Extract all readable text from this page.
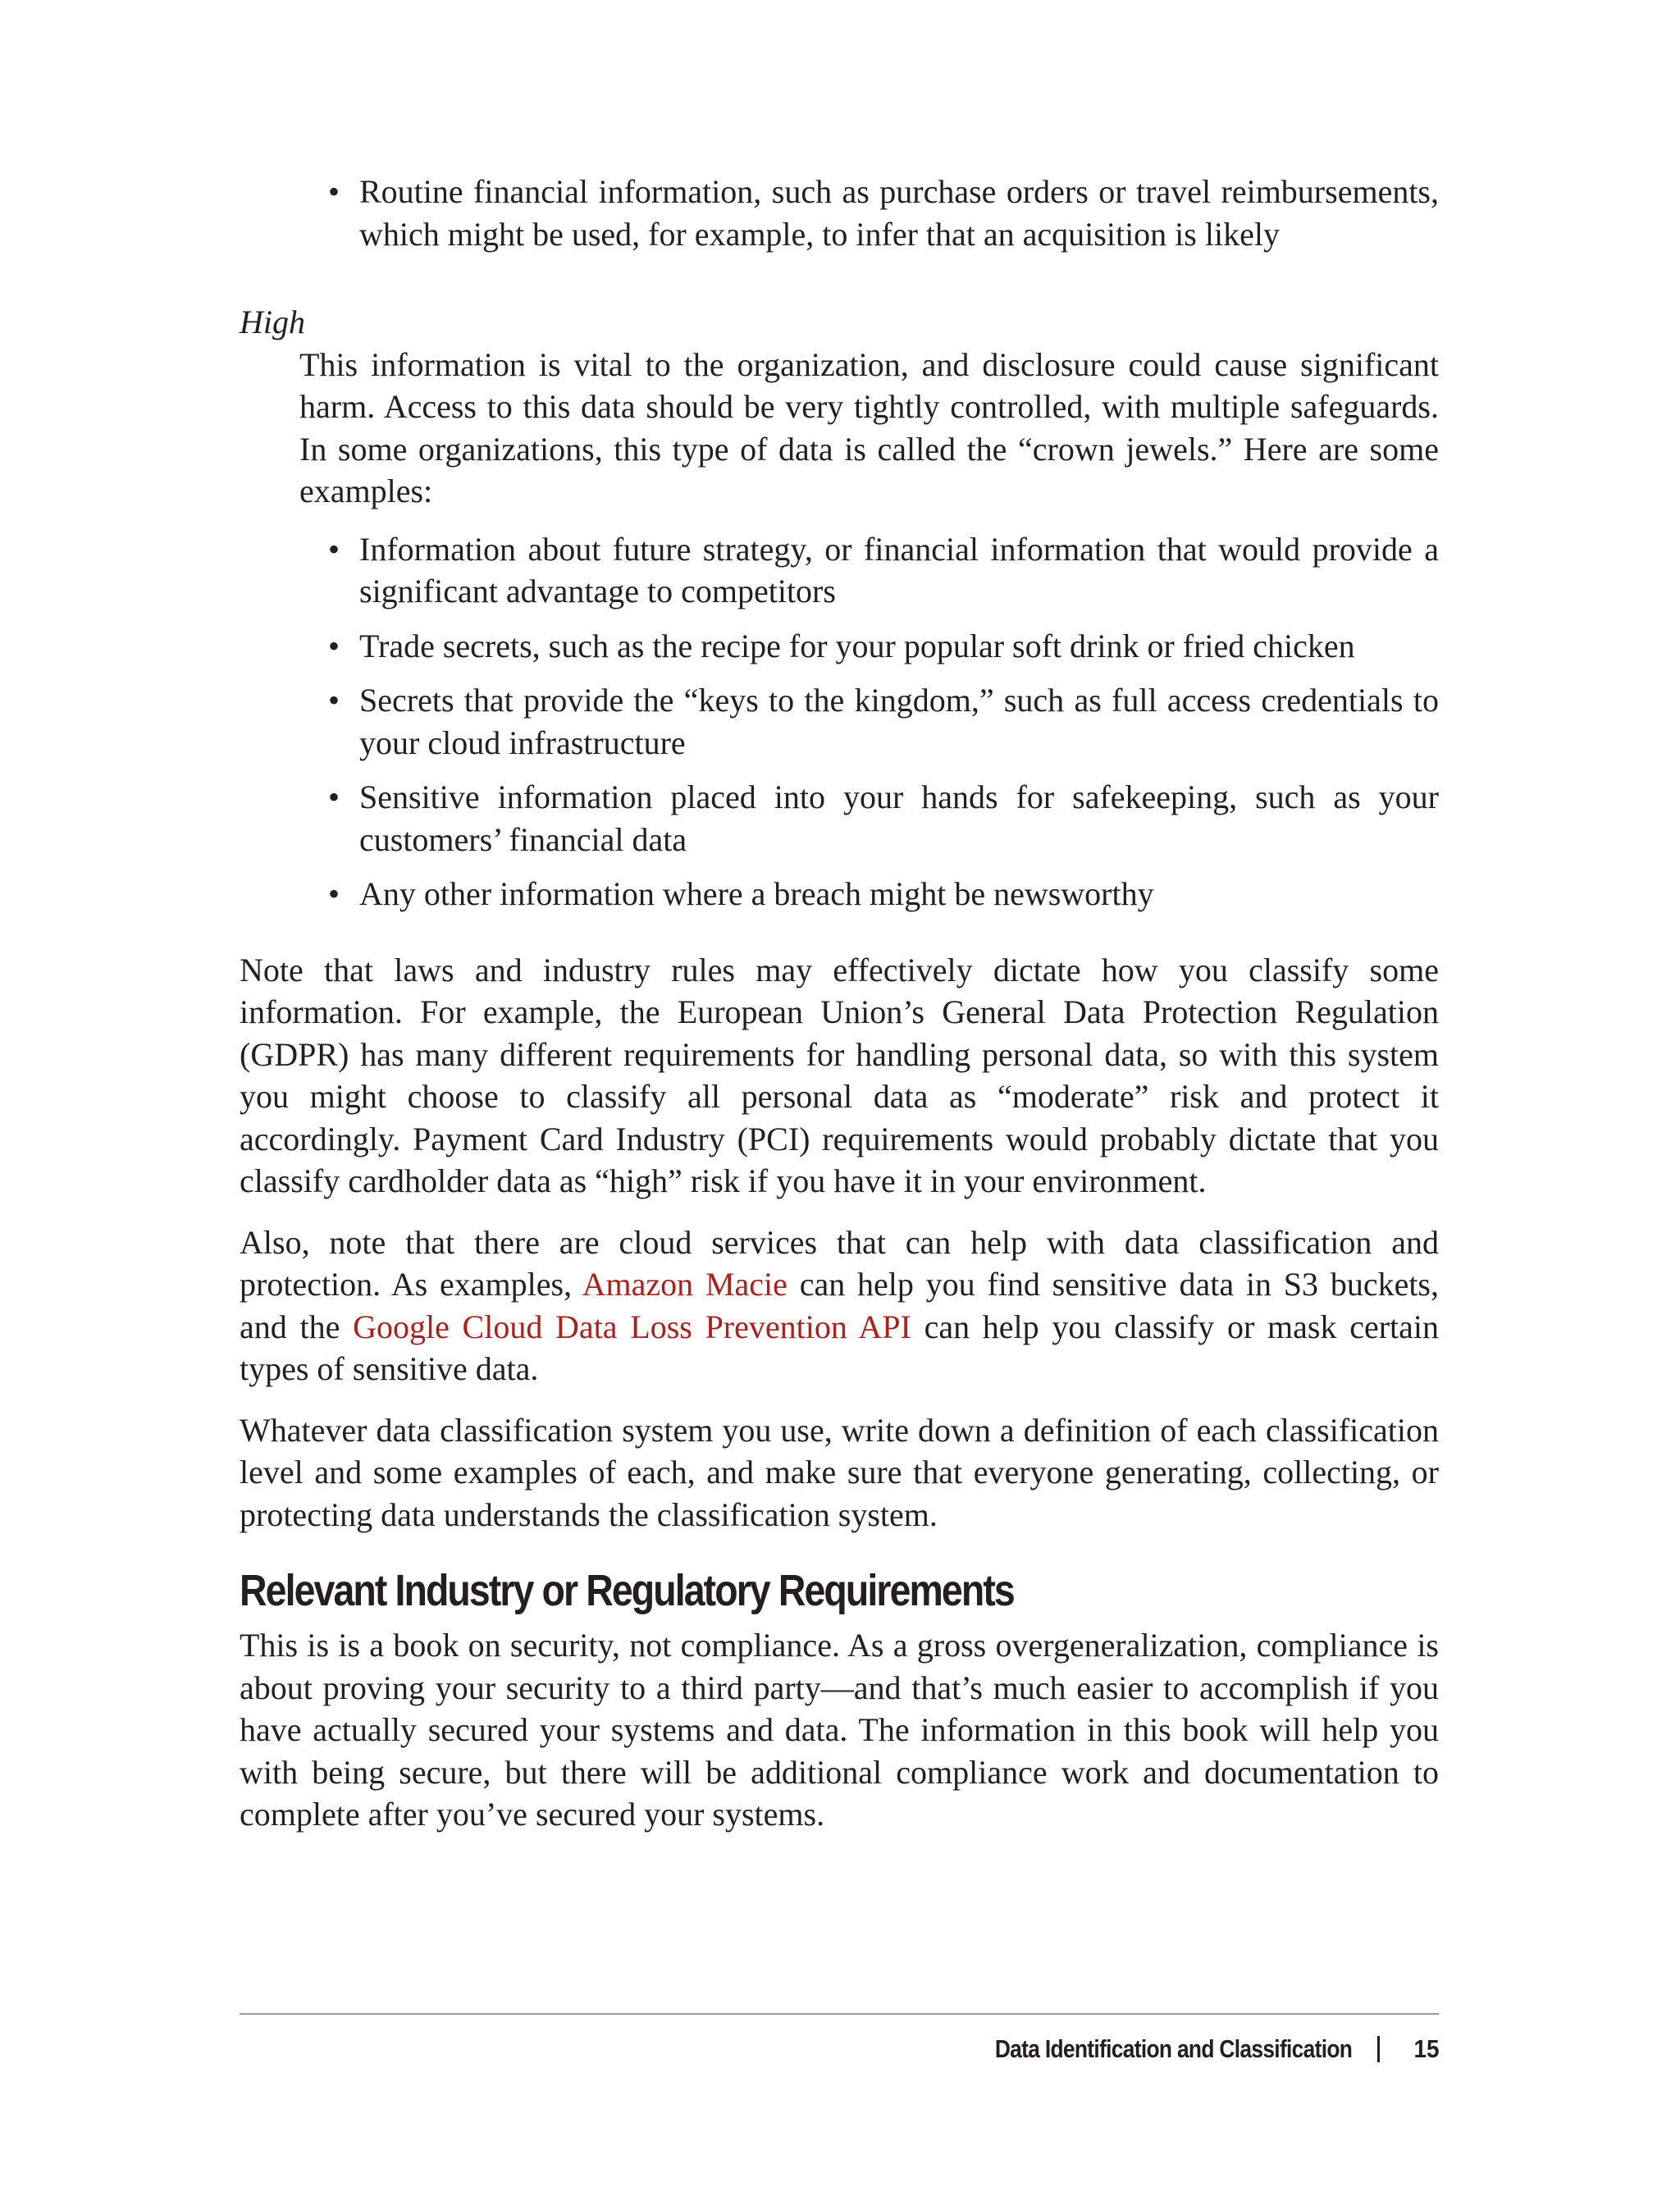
•
Routine financial information, such as purchase orders or travel reimbursements, which might be used, for example, to infer that an acquisition is likely
High

This information is vital to the organization, and disclosure could cause significant harm. Access to this data should be very tightly controlled, with multiple safeguards. In some organizations, this type of data is called the “crown jewels.” Here are some examples:

•
Information about future strategy, or financial information that would provide a significant advantage to competitors
•
Trade secrets, such as the recipe for your popular soft drink or fried chicken
•
Secrets that provide the “keys to the kingdom,” such as full access credentials to your cloud infrastructure
•
Sensitive information placed into your hands for safekeeping, such as your customers’ financial data
•
Any other information where a breach might be newsworthy

Note that laws and industry rules may effectively dictate how you classify some information. For example, the European Union’s General Data Protection Regulation (GDPR) has many different requirements for handling personal data, so with this system you might choose to classify all personal data as “moderate” risk and protect it accordingly. Payment Card Industry (PCI) requirements would probably dictate that you classify cardholder data as “high” risk if you have it in your environment.

Also, note that there are cloud services that can help with data classification and protection. As examples, Amazon Macie can help you find sensitive data in S3 buckets, and the Google Cloud Data Loss Prevention API can help you classify or mask certain types of sensitive data.

Whatever data classification system you use, write down a definition of each classification level and some examples of each, and make sure that everyone generating, collecting, or protecting data understands the classification system.

Relevant Industry or Regulatory Requirements

This is is a book on security, not compliance. As a gross overgeneralization, compliance is about proving your security to a third party—and that’s much easier to accomplish if you have actually secured your systems and data. The information in this book will help you with being secure, but there will be additional compliance work and documentation to complete after you’ve secured your systems.

Data Identification and Classification 15
